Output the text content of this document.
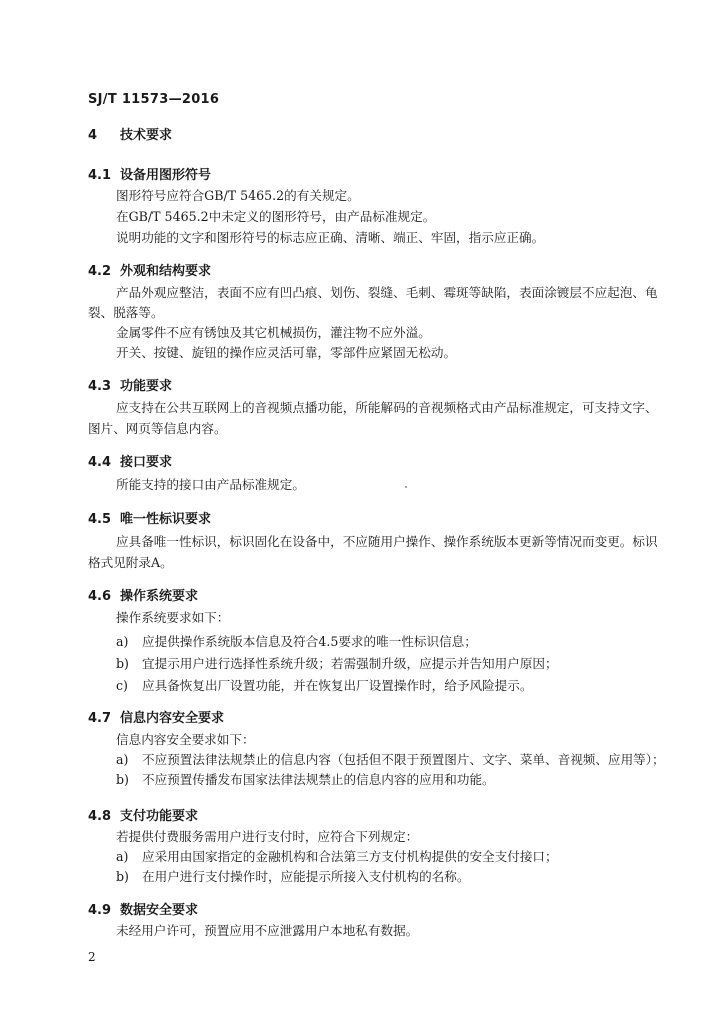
SJ/T 11573—2016
4 技术要求
4.1 设备用图形符号
图形符号应符合GB/T 5465.2的有关规定。
在GB/T 5465.2中未定义的图形符号，由产品标准规定。
说明功能的文字和图形符号的标志应正确、清晰、端正、牢固，指示应正确。
4.2 外观和结构要求
产品外观应整洁，表面不应有凹凸痕、划伤、裂缝、毛刺、霉斑等缺陷，表面涂镀层不应起泡、龟
裂、脱落等。
金属零件不应有锈蚀及其它机械损伤，灌注物不应外溢。
开关、按键、旋钮的操作应灵活可靠，零部件应紧固无松动。
4.3 功能要求
应支持在公共互联网上的音视频点播功能，所能解码的音视频格式由产品标准规定，可支持文字、
图片、网页等信息内容。
4.4 接口要求
所能支持的接口由产品标准规定。
4.5 唯一性标识要求
应具备唯一性标识，标识固化在设备中，不应随用户操作、操作系统版本更新等情况而变更。标识
格式见附录A。
4.6 操作系统要求
操作系统要求如下：
a) 应提供操作系统版本信息及符合4.5要求的唯一性标识信息；
b) 宜提示用户进行选择性系统升级；若需强制升级，应提示并告知用户原因；
c) 应具备恢复出厂设置功能，并在恢复出厂设置操作时，给予风险提示。
4.7 信息内容安全要求
信息内容安全要求如下：
a) 不应预置法律法规禁止的信息内容（包括但不限于预置图片、文字、菜单、音视频、应用等）；
b) 不应预置传播发布国家法律法规禁止的信息内容的应用和功能。
4.8 支付功能要求
若提供付费服务需用户进行支付时，应符合下列规定：
a) 应采用由国家指定的金融机构和合法第三方支付机构提供的安全支付接口；
b) 在用户进行支付操作时，应能提示所接入支付机构的名称。
4.9 数据安全要求
未经用户许可，预置应用不应泄露用户本地私有数据。
2
